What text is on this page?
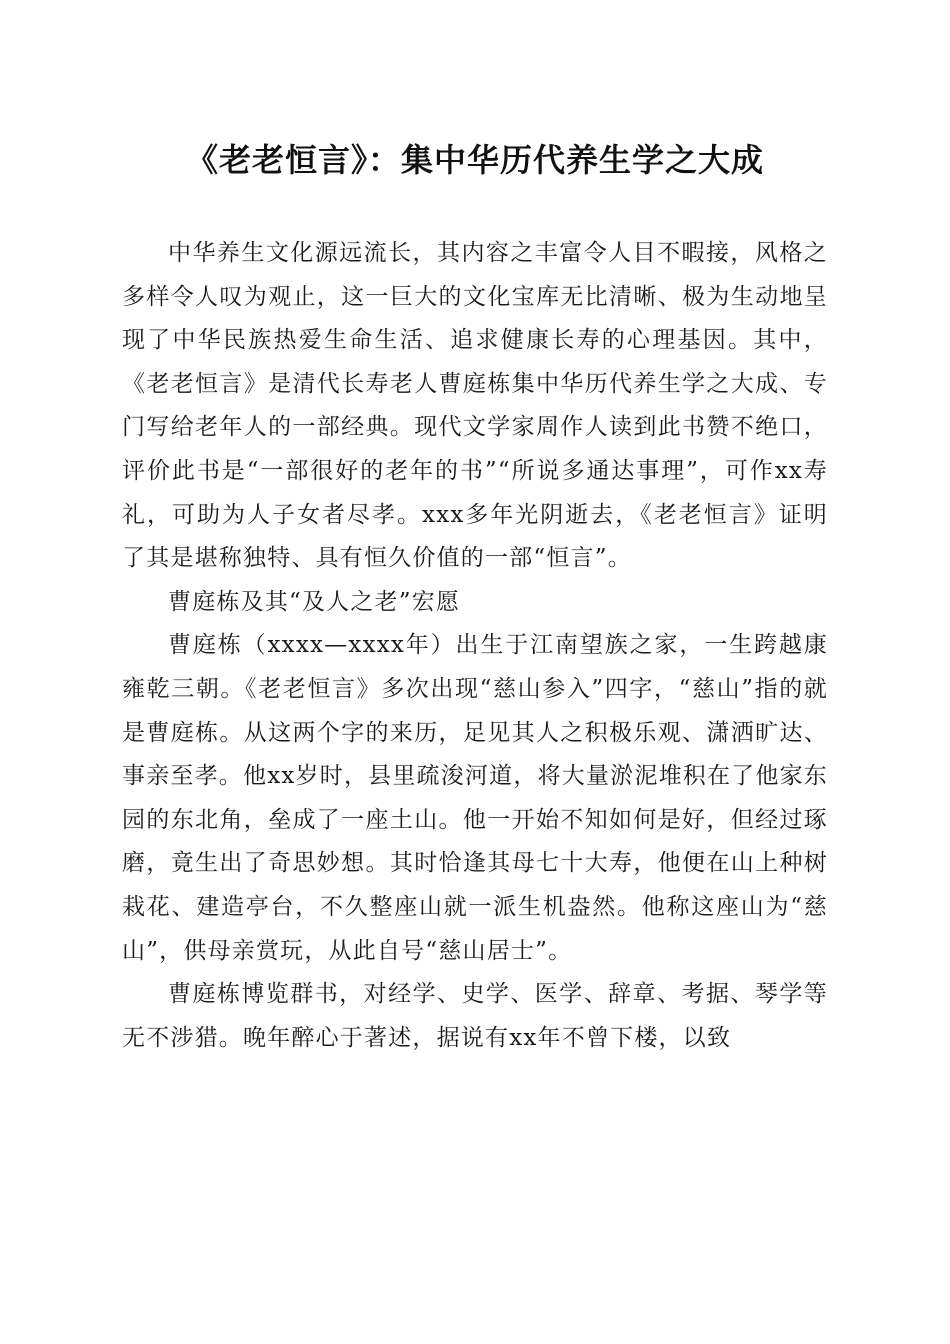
《老老恒言》：集中华历代养生学之大成

中华养生文化源远流长，其内容之丰富令人目不暇接，风格之多样令人叹为观止，这一巨大的文化宝库无比清晰、极为生动地呈现了中华民族热爱生命生活、追求健康长寿的心理基因。其中，《老老恒言》是清代长寿老人曹庭栋集中华历代养生学之大成、专门写给老年人的一部经典。现代文学家周作人读到此书赞不绝口，评价此书是“一部很好的老年的书”“所说多通达事理”，可作xx寿礼，可助为人子女者尽孝。xxx多年光阴逝去，《老老恒言》证明了其是堪称独特、具有恒久价值的一部“恒言”。

曹庭栋及其“及人之老”宏愿

曹庭栋（xxxx—xxxx年）出生于江南望族之家，一生跨越康雍乾三朝。《老老恒言》多次出现“慈山参入”四字，“慈山”指的就是曹庭栋。从这两个字的来历，足见其人之积极乐观、潇洒旷达、事亲至孝。他xx岁时，县里疏浚河道，将大量淤泥堆积在了他家东园的东北角，垒成了一座土山。他一开始不知如何是好，但经过琢磨，竟生出了奇思妙想。其时恰逢其母七十大寿，他便在山上种树栽花、建造亭台，不久整座山就一派生机盎然。他称这座山为“慈山”，供母亲赏玩，从此自号“慈山居士”。

曹庭栋博览群书，对经学、史学、医学、辞章、考据、琴学等无不涉猎。晚年醉心于著述，据说有xx年不曾下楼，以致
